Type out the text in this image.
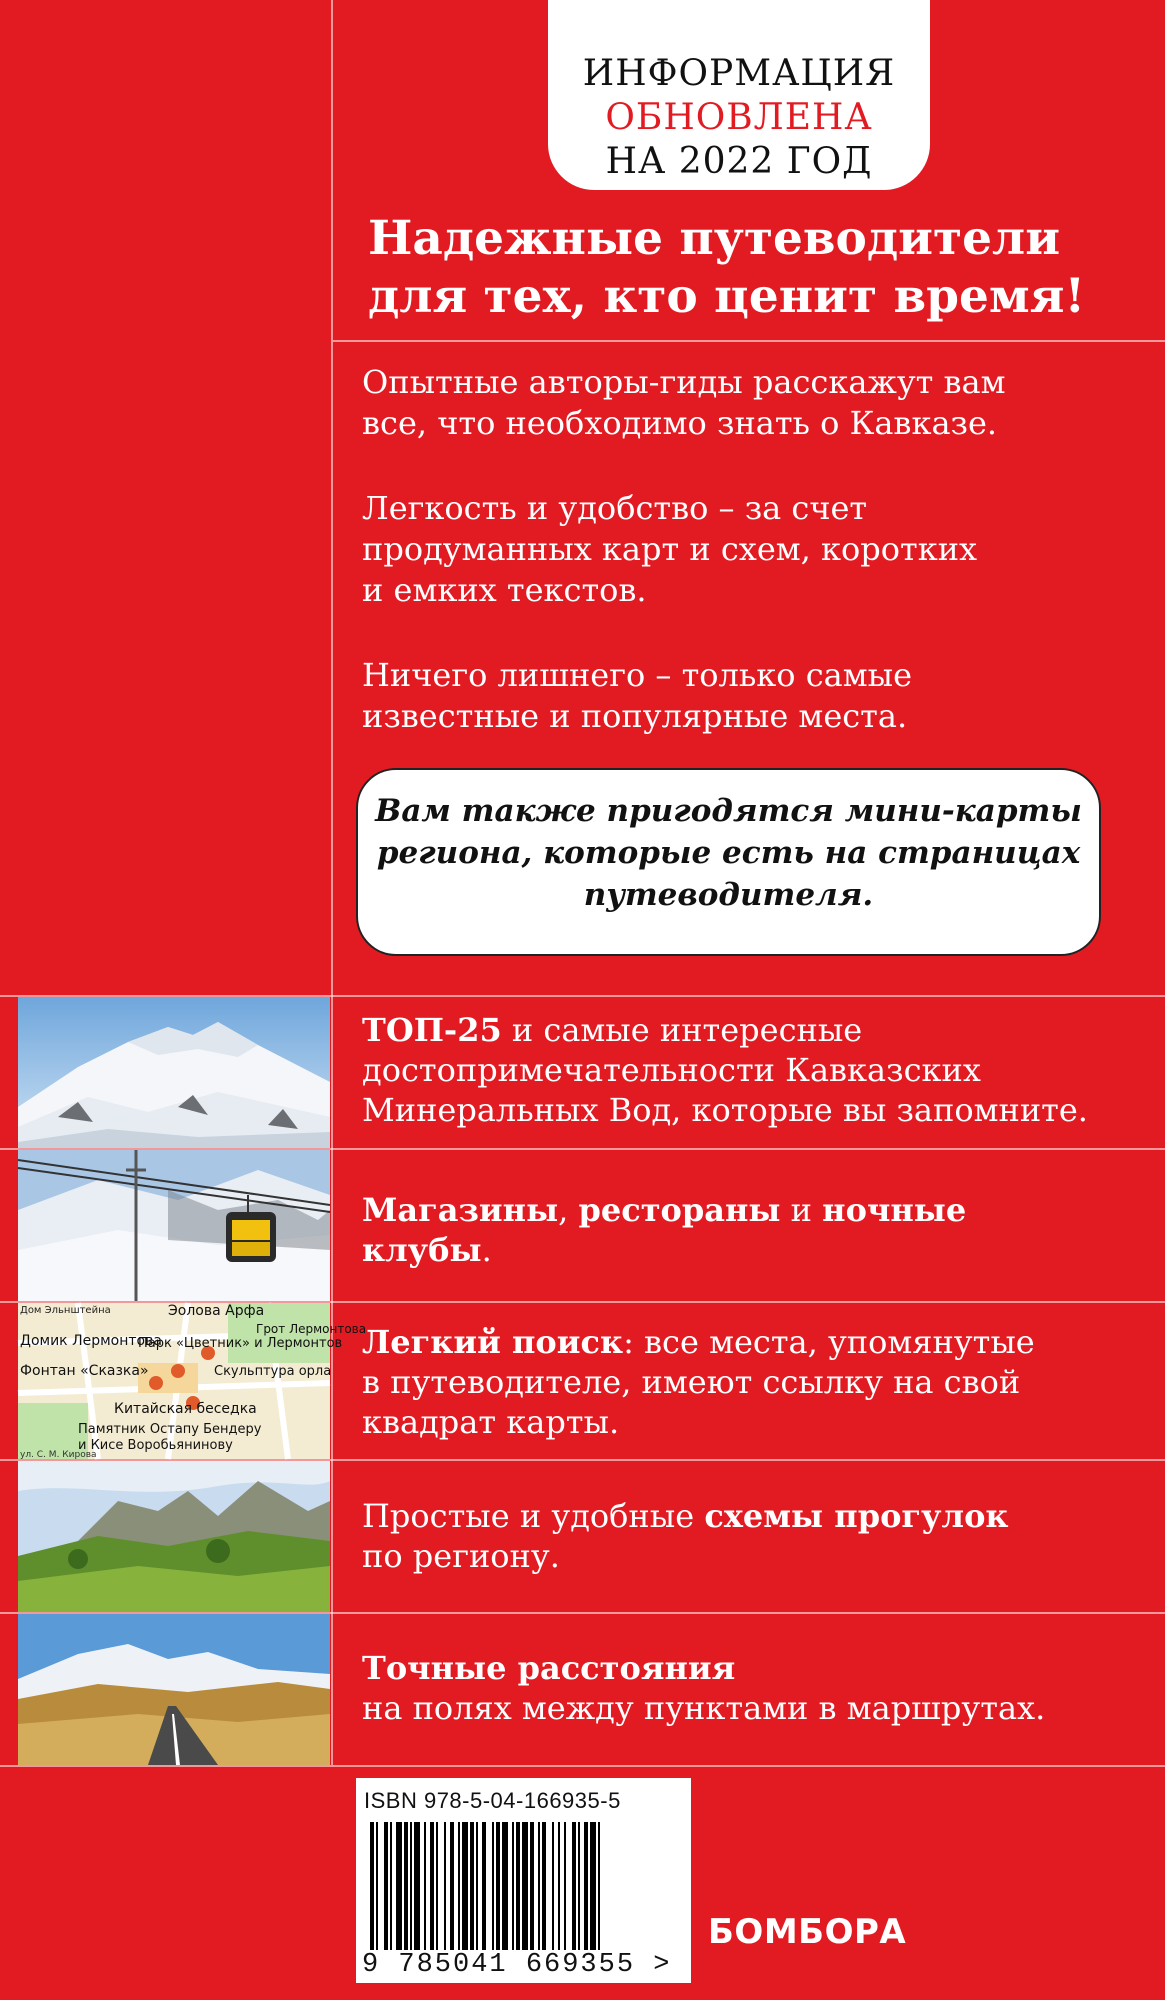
ИНФОРМАЦИЯ
ОБНОВЛЕНА
НА 2022 ГОД
Надежные путеводители
для тех, кто ценит время!
Опытные авторы-гиды расскажут вам
все, что необходимо знать о Кавказе.
Легкость и удобство – за счет
продуманных карт и схем, коротких
и емких текстов.
Ничего лишнего – только самые
известные и популярные места.
Вам также пригодятся мини-карты
региона, которые есть на страницах
путеводителя.
Дом Эльнштейна	Эолова Арфа
Домик Лермонтова
Парк «Цветник» и Лермонтов
Грот Лермонтова
Фонтан «Сказка»	Скульптура орла
Китайская беседка
Памятник Остапу Бендеру
и Кисе Воробьянинову
ул. С. М. Кирова
ТОП-25 и самые интересные
достопримечательности Кавказских
Минеральных Вод, которые вы запомните.
Магазины, рестораны и ночные
клубы.
Легкий поиск: все места, упомянутые
в путеводителе, имеют ссылку на свой
квадрат карты.
Простые и удобные схемы прогулок
по региону.
Точные расстояния
на полях между пунктами в маршрутах.
ISBN 978-5-04-166935-5
9 785041 669355 >
БОМБОРА
